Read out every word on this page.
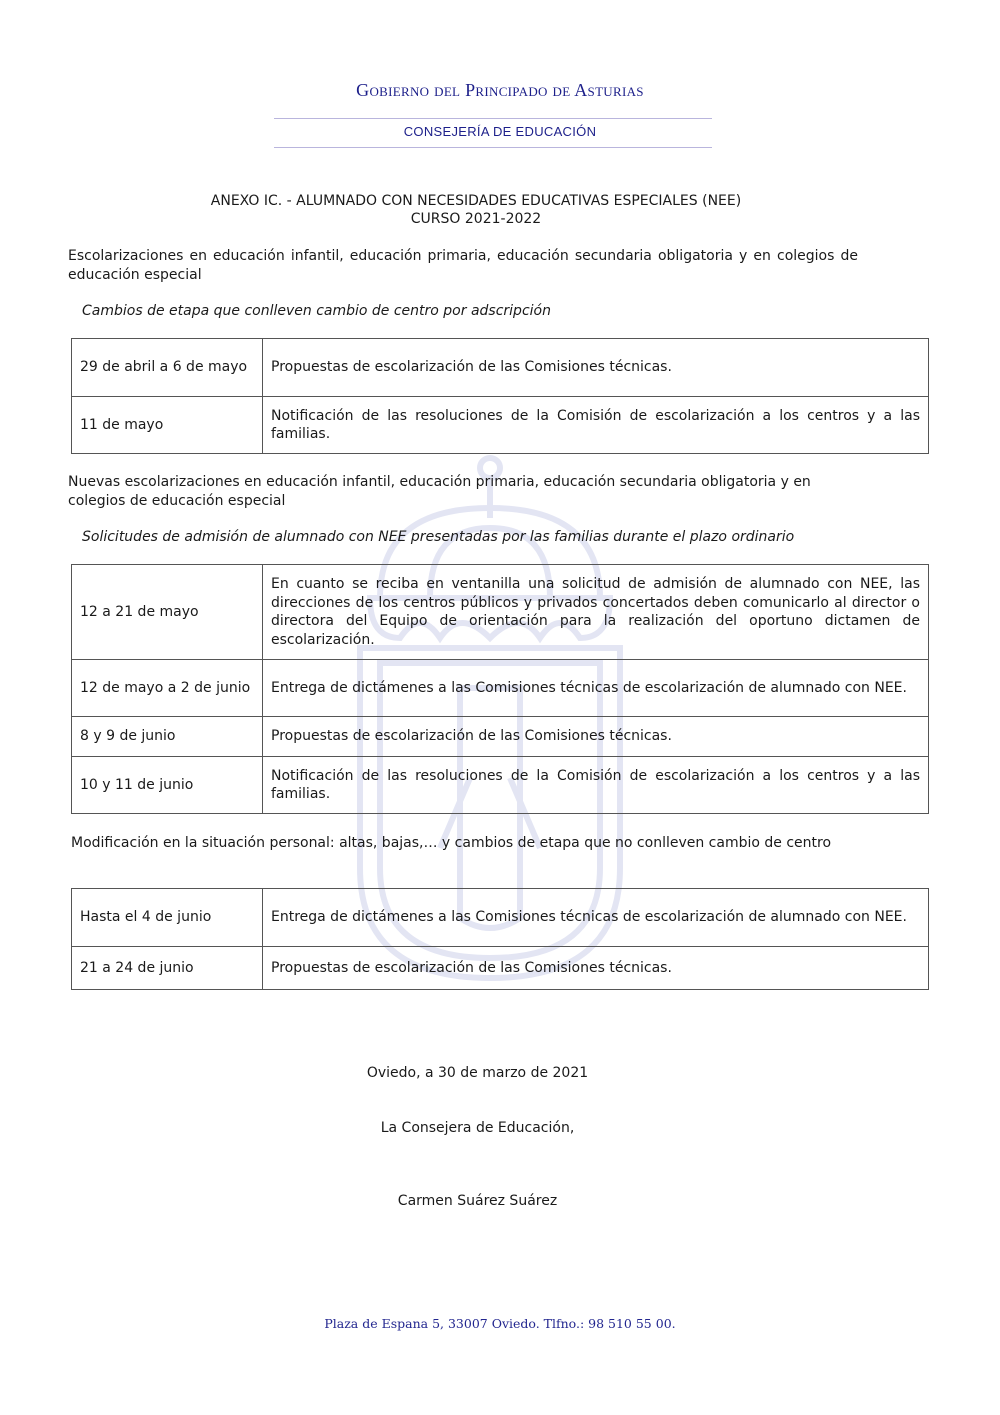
Gobierno del Principado de Asturias
CONSEJERÍA DE EDUCACIÓN
ANEXO IC. - ALUMNADO CON NECESIDADES EDUCATIVAS ESPECIALES (NEE)
CURSO 2021-2022
Escolarizaciones en educación infantil, educación primaria, educación secundaria obligatoria y en colegios de educación especial
Cambios de etapa que conlleven cambio de centro por adscripción
29 de abril a 6 de mayo	Propuestas de escolarización de las Comisiones técnicas.
11 de mayo	Notificación de las resoluciones de la Comisión de escolarización a los centros y a las familias.
Nuevas escolarizaciones en educación infantil, educación primaria, educación secundaria obligatoria y en colegios de educación especial
Solicitudes de admisión de alumnado con NEE presentadas por las familias durante el plazo ordinario
12 a 21 de mayo	En cuanto se reciba en ventanilla una solicitud de admisión de alumnado con NEE, las direcciones de los centros públicos y privados concertados deben comunicarlo al director o directora del Equipo de orientación para la realización del oportuno dictamen de escolarización.
12 de mayo a 2 de junio	Entrega de dictámenes a las Comisiones técnicas de escolarización de alumnado con NEE.
8 y 9 de junio	Propuestas de escolarización de las Comisiones técnicas.
10 y 11 de junio	Notificación de las resoluciones de la Comisión de escolarización a los centros y a las familias.
Modificación en la situación personal: altas, bajas,… y cambios de etapa que no conlleven cambio de centro
Hasta el 4 de junio	Entrega de dictámenes a las Comisiones técnicas de escolarización de alumnado con NEE.
21 a 24 de junio	Propuestas de escolarización de las Comisiones técnicas.
Oviedo, a 30 de marzo de 2021
La Consejera de Educación,
Carmen Suárez Suárez
Plaza de Espana 5, 33007 Oviedo. Tlfno.: 98 510 55 00.
